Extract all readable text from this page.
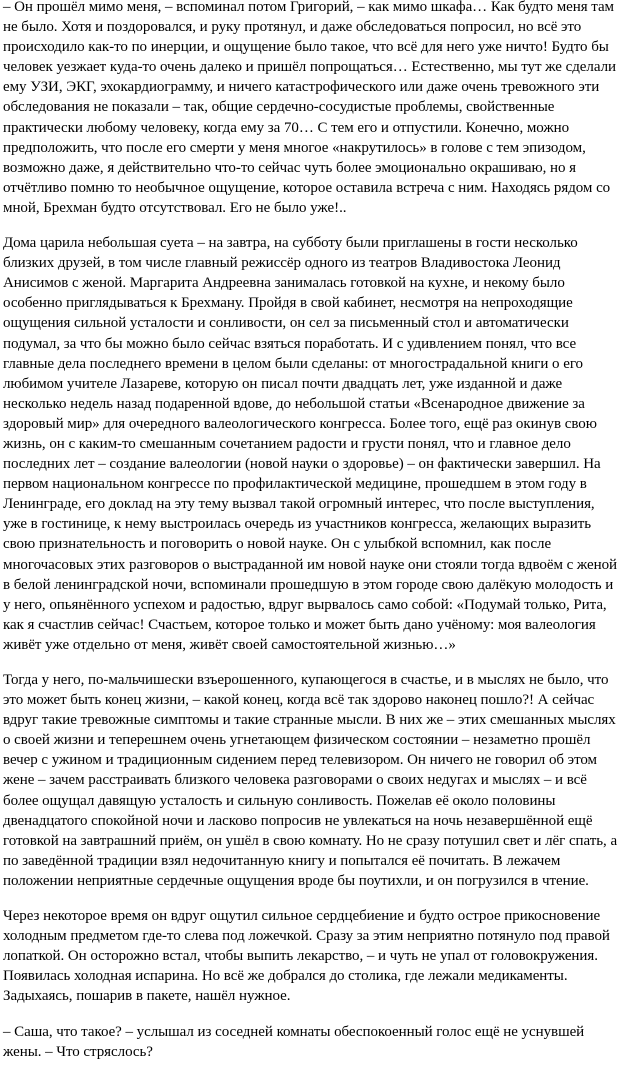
– Он прошёл мимо меня, – вспоминал потом Григорий, – как мимо шкафа… Как будто меня там не было. Хотя и поздоровался, и руку протянул, и даже обследоваться попросил, но всё это происходило как-то по инерции, и ощущение было такое, что всё для него уже ничто! Будто бы человек уезжает куда-то очень далеко и пришёл попрощаться… Естественно, мы тут же сделали ему УЗИ, ЭКГ, эхокардиограмму, и ничего катастрофического или даже очень тревожного эти обследования не показали – так, общие сердечно-сосудистые проблемы, свойственные практически любому человеку, когда ему за 70… С тем его и отпустили. Конечно, можно предположить, что после его смерти у меня многое «накрутилось» в голове с тем эпизодом, возможно даже, я действительно что-то сейчас чуть более эмоционально окрашиваю, но я отчётливо помню то необычное ощущение, которое оставила встреча с ним. Находясь рядом со мной, Брехман будто отсутствовал. Его не было уже!..

Дома царила небольшая суета – на завтра, на субботу были приглашены в гости несколько близких друзей, в том числе главный режиссёр одного из театров Владивостока Леонид Анисимов с женой. Маргарита Андреевна занималась готовкой на кухне, и некому было особенно приглядываться к Брехману. Пройдя в свой кабинет, несмотря на непроходящие ощущения сильной усталости и сонливости, он сел за письменный стол и автоматически подумал, за что бы можно было сейчас взяться поработать. И с удивлением понял, что все главные дела последнего времени в целом были сделаны: от многострадальной книги о его любимом учителе Лазареве, которую он писал почти двадцать лет, уже изданной и даже несколько недель назад подаренной вдове, до небольшой статьи «Всенародное движение за здоровый мир» для очередного валеологического конгресса. Более того, ещё раз окинув свою жизнь, он с каким-то смешанным сочетанием радости и грусти понял, что и главное дело последних лет – создание валеологии (новой науки о здоровье) – он фактически завершил. На первом национальном конгрессе по профилактической медицине, прошедшем в этом году в Ленинграде, его доклад на эту тему вызвал такой огромный интерес, что после выступления, уже в гостинице, к нему выстроилась очередь из участников конгресса, желающих выразить свою признательность и поговорить о новой науке. Он с улыбкой вспомнил, как после многочасовых этих разговоров о выстраданной им новой науке они стояли тогда вдвоём с женой в белой ленинградской ночи, вспоминали прошедшую в этом городе свою далёкую молодость и у него, опьянённого успехом и радостью, вдруг вырвалось само собой: «Подумай только, Рита, как я счастлив сейчас! Счастьем, которое только и может быть дано учёному: моя валеология живёт уже отдельно от меня, живёт своей самостоятельной жизнью…»

Тогда у него, по-мальчишески взъерошенного, купающегося в счастье, и в мыслях не было, что это может быть конец жизни, – какой конец, когда всё так здорово наконец пошло?! А сейчас вдруг такие тревожные симптомы и такие странные мысли. В них же – этих смешанных мыслях о своей жизни и теперешнем очень угнетающем физическом состоянии – незаметно прошёл вечер с ужином и традиционным сидением перед телевизором. Он ничего не говорил об этом жене – зачем расстраивать близкого человека разговорами о своих недугах и мыслях – и всё более ощущал давящую усталость и сильную сонливость. Пожелав её около половины двенадцатого спокойной ночи и ласково попросив не увлекаться на ночь незавершённой ещё готовкой на завтрашний приём, он ушёл в свою комнату. Но не сразу потушил свет и лёг спать, а по заведённой традиции взял недочитанную книгу и попытался её почитать. В лежачем положении неприятные сердечные ощущения вроде бы поутихли, и он погрузился в чтение.

Через некоторое время он вдруг ощутил сильное сердцебиение и будто острое прикосновение холодным предметом где-то слева под ложечкой. Сразу за этим неприятно потянуло под правой лопаткой. Он осторожно встал, чтобы выпить лекарство, – и чуть не упал от головокружения. Появилась холодная испарина. Но всё же добрался до столика, где лежали медикаменты. Задыхаясь, пошарив в пакете, нашёл нужное.

– Саша, что такое? – услышал из соседней комнаты обеспокоенный голос ещё не уснувшей жены. – Что стряслось?
